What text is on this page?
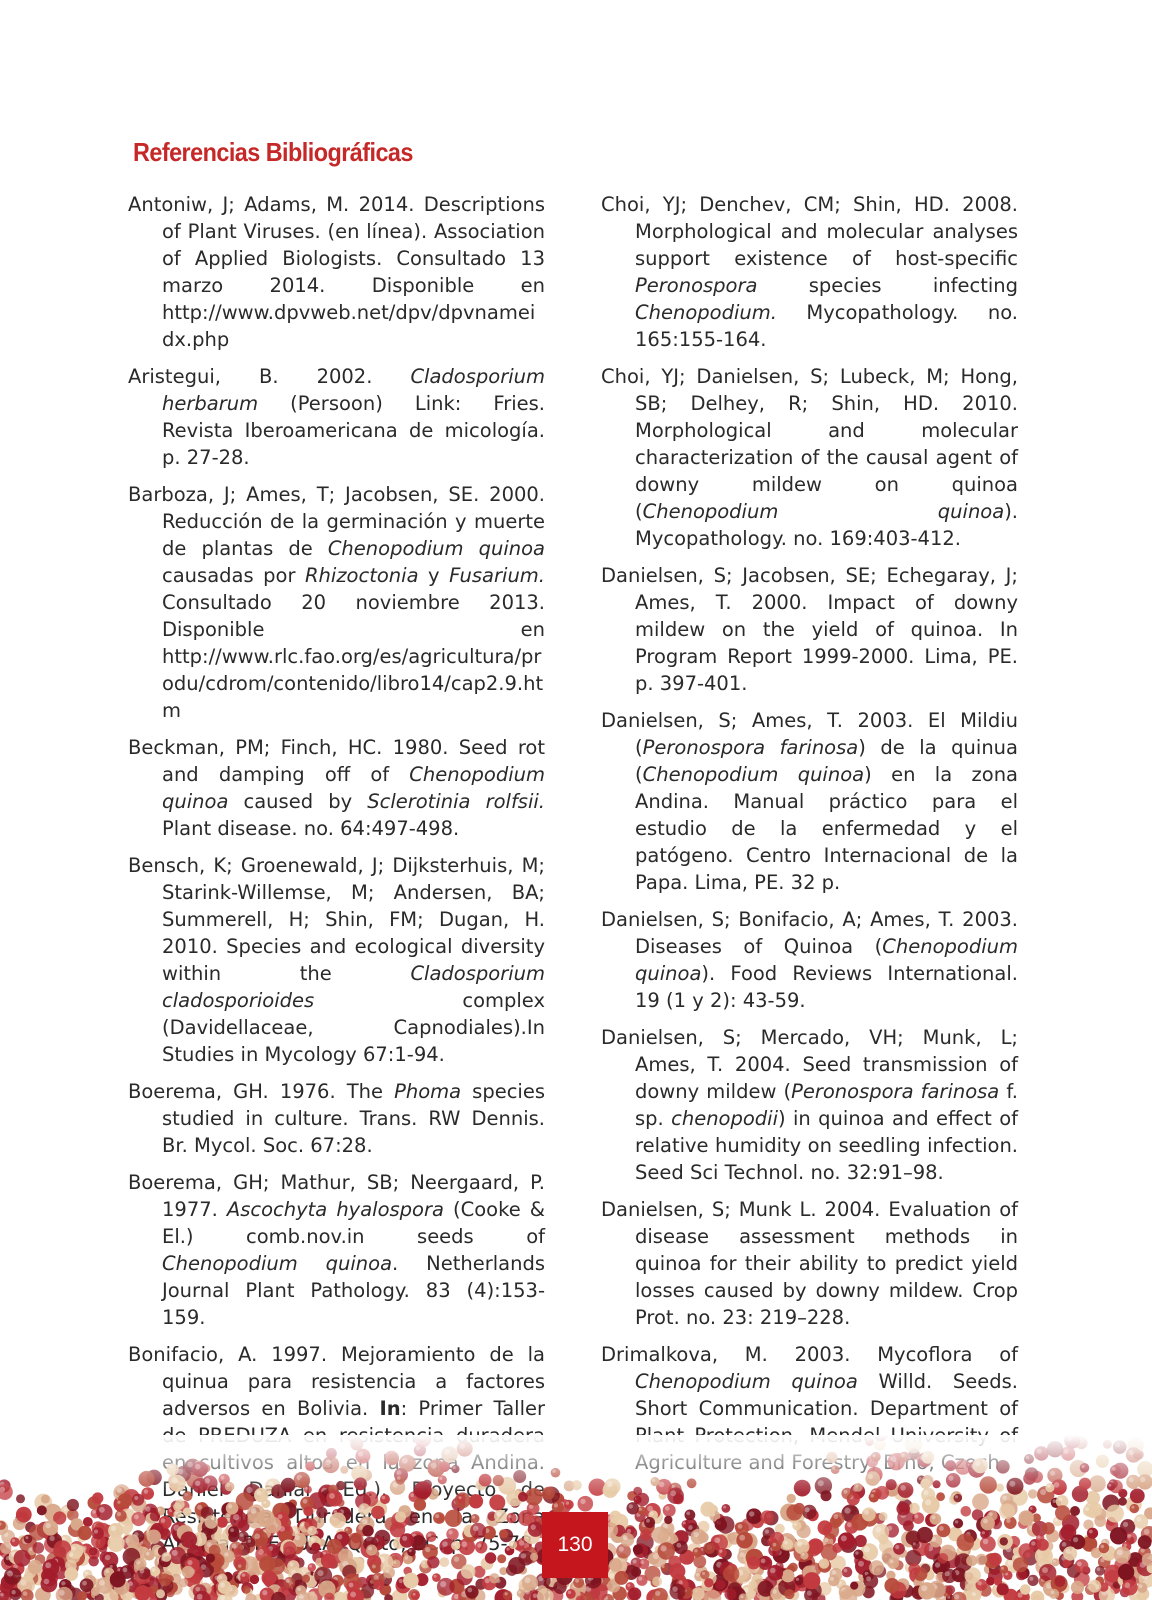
Referencias Bibliográficas

Antoniw, J; Adams, M. 2014. Descriptions of Plant Viruses. (en línea). Association of Applied Biologists. Consultado 13 marzo 2014. Disponible en http://www.dpvweb.net/dpv/dpvnameidx.php

Aristegui, B. 2002. Cladosporium herbarum (Persoon) Link: Fries. Revista Iberoamericana de micología. p. 27-28.

Barboza, J; Ames, T; Jacobsen, SE. 2000. Reducción de la germinación y muerte de plantas de Chenopodium quinoa causadas por Rhizoctonia y Fusarium. Consultado 20 noviembre 2013. Disponible en http://www.rlc.fao.org/es/agricultura/produ/cdrom/contenido/libro14/cap2.9.htm

Beckman, PM; Finch, HC. 1980. Seed rot and damping off of Chenopodium quinoa caused by Sclerotinia rolfsii. Plant disease. no. 64:497-498.

Bensch, K; Groenewald, J; Dijksterhuis, M; Starink-Willemse, M; Andersen, BA; Summerell, H; Shin, FM; Dugan, H. 2010. Species and ecological diversity within the Cladosporium cladosporioides complex (Davidellaceae, Capnodiales).In Studies in Mycology 67:1-94.

Boerema, GH. 1976. The Phoma species studied in culture. Trans. RW Dennis. Br. Mycol. Soc. 67:28.

Boerema, GH; Mathur, SB; Neergaard, P. 1977. Ascochyta hyalospora (Cooke & El.) comb.nov.in seeds of Chenopodium quinoa. Netherlands Journal Plant Pathology. 83 (4):153-159.

Bonifacio, A. 1997. Mejoramiento de la quinua para resistencia a factores adversos en Bolivia. In: Primer Taller

Choi, YJ; Denchev, CM; Shin, HD. 2008. Morphological and molecular analyses support existence of host-specific Peronospora species infecting Chenopodium. Mycopathology. no. 165:155-164.

Choi, YJ; Danielsen, S; Lubeck, M; Hong, SB; Delhey, R; Shin, HD. 2010. Morphological and molecular characterization of the causal agent of downy mildew on quinoa (Chenopodium quinoa). Mycopathology. no. 169:403-412.

Danielsen, S; Jacobsen, SE; Echegaray, J; Ames, T. 2000. Impact of downy mildew on the yield of quinoa. In Program Report 1999-2000. Lima, PE. p. 397-401.

Danielsen, S; Ames, T. 2003. El Mildiu (Peronospora farinosa) de la quinua (Chenopodium quinoa) en la zona Andina. Manual práctico para el estudio de la enfermedad y el patógeno. Centro Internacional de la Papa. Lima, PE. 32 p.

Danielsen, S; Bonifacio, A; Ames, T. 2003. Diseases of Quinoa (Chenopodium quinoa). Food Reviews International. 19 (1 y 2): 43-59.

Danielsen, S; Mercado, VH; Munk, L; Ames, T. 2004. Seed transmission of downy mildew (Peronospora farinosa f. sp. chenopodii) in quinoa and effect of relative humidity on seedling infection. Seed Sci Technol. no. 32:91–98.

Danielsen, S; Munk L. 2004. Evaluation of disease assessment methods in quinoa for their ability to predict yield losses caused by downy mildew. Crop Prot. no. 23: 219–228.

Drimalkova, M. 2003. Mycoflora of Chenopodium quinoa Willd. Seeds. Short Communication. Department of

130
